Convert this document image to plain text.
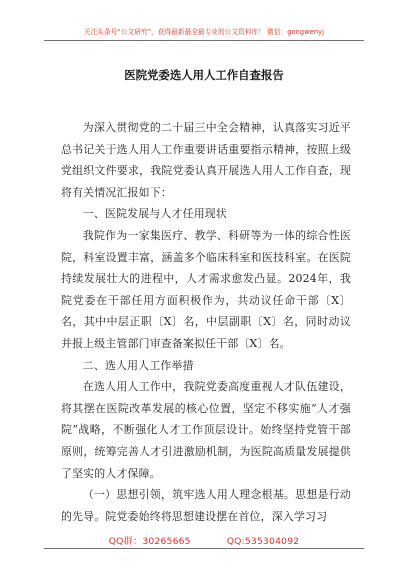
关注头条号“公文研究”，获得最新最全最专业的公文资料库！ 微信：gongwenyj
医院党委选人用人工作自查报告

为深入贯彻党的二十届三中全会精神，认真落实习近平总书记关于选人用人工作重要讲话重要指示精神，按照上级党组织文件要求，我院党委认真开展选人用人工作自查，现将有关情况汇报如下：

一、医院发展与人才任用现状

我院作为一家集医疗、教学、科研等为一体的综合性医院，科室设置丰富，涵盖多个临床科室和医技科室。在医院持续发展壮大的进程中，人才需求愈发凸显。2024年，我院党委在干部任用方面积极作为，共动议任命干部〔X〕名，其中中层正职〔X〕名，中层副职〔X〕名，同时动议并报上级主管部门审查备案拟任干部〔X〕名。

二、选人用人工作举措

在选人用人工作中，我院党委高度重视人才队伍建设，将其摆在医院改革发展的核心位置，坚定不移实施“人才强院”战略，不断强化人才工作顶层设计。始终坚持党管干部原则，统筹完善人才引进激励机制，为医院高质量发展提供了坚实的人才保障。

（一）思想引领，筑牢选人用人理念根基。思想是行动的先导。院党委始终将思想建设摆在首位，深入学习习

QQ群：30265665	QQ:535304092
